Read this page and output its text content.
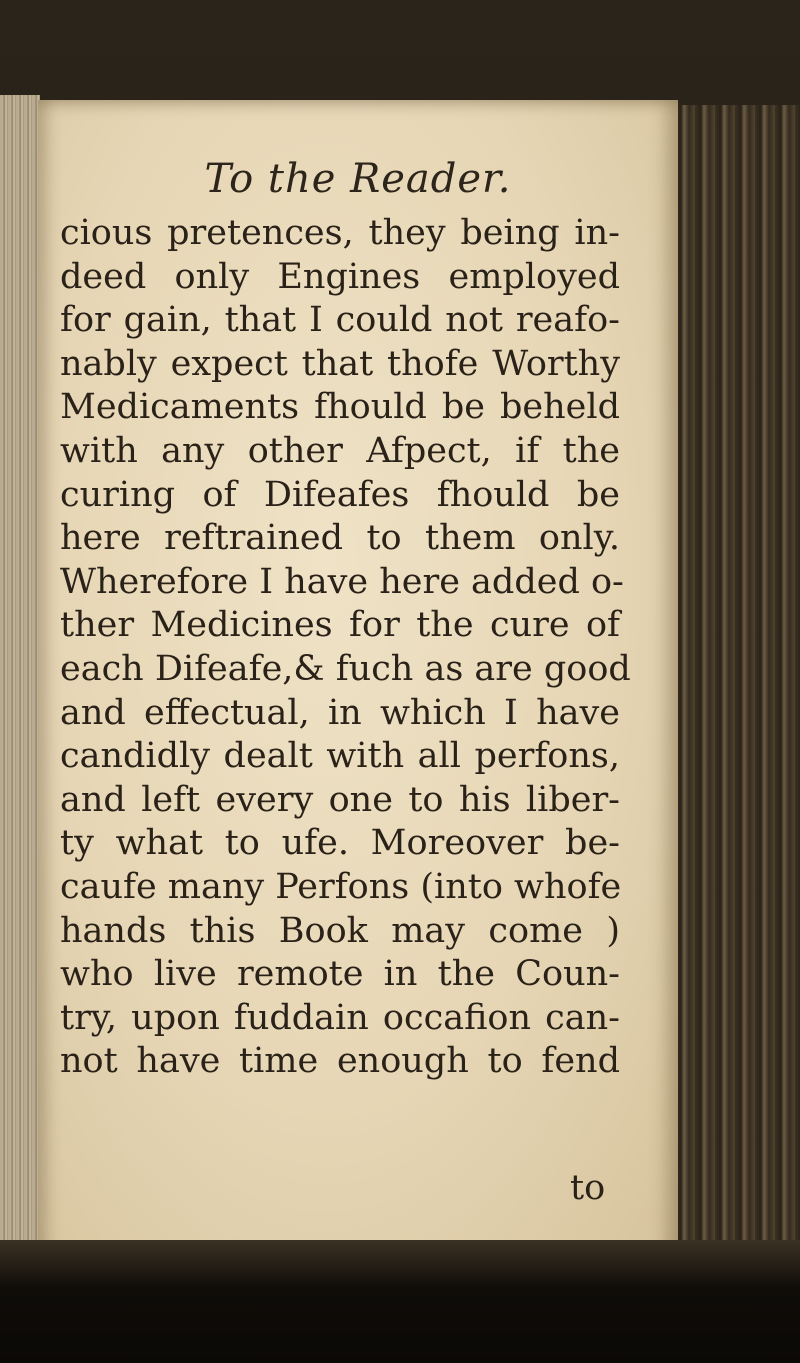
To the Reader.
cious pretences, they being in-
deed only Engines employed
for gain, that I could not reafo-
nably expect that thofe Worthy
Medicaments fhould be beheld
with any other Afpect, if the
curing of Difeafes fhould be
here reftrained to them only.
Wherefore I have here added o-
ther Medicines for the cure of
each Difeafe,& fuch as are good
and effectual, in which I have
candidly dealt with all perfons,
and left every one to his liber-
ty what to ufe. Moreover be-
caufe many Perfons (into whofe
hands this Book may come )
who live remote in the Coun-
try, upon fuddain occafion can-
not have time enough to fend
to
